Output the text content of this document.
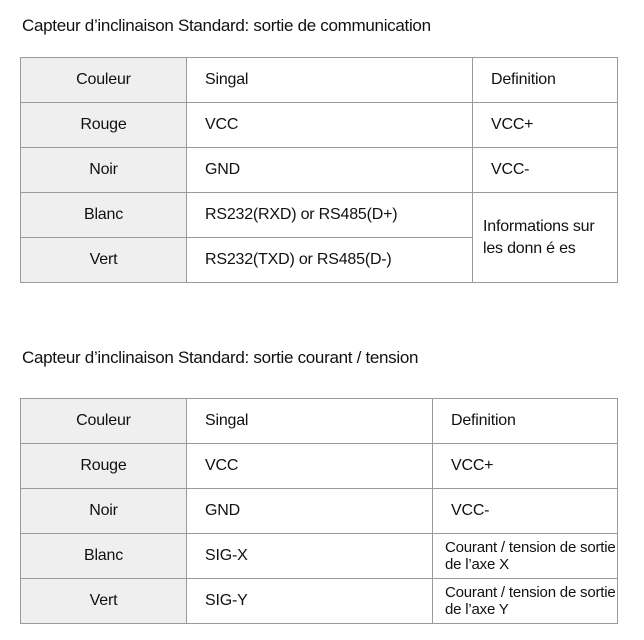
Capteur d’inclinaison Standard: sortie de communication
Couleur	Singal	Definition
Rouge	VCC	VCC+
Noir	GND	VCC-
Blanc	RS232(RXD) or RS485(D+)	Informations sur les donn é es
Vert	RS232(TXD) or RS485(D-)	
Capteur d’inclinaison Standard: sortie courant / tension
Couleur	Singal	Definition
Rouge	VCC	VCC+
Noir	GND	VCC-
Blanc	SIG-X	Courant / tension de sortie de l’axe X
Vert	SIG-Y	Courant / tension de sortie de l’axe Y
